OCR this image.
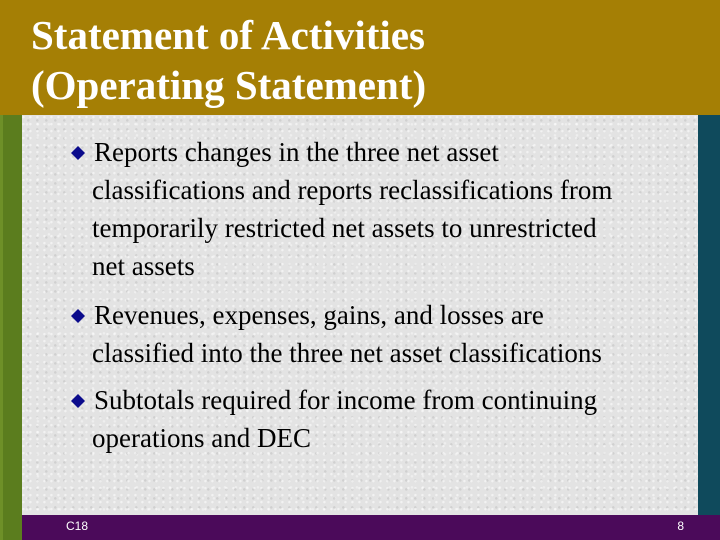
Statement of Activities
(Operating Statement)
Reports changes in the three net asset
classifications and reports reclassifications from
temporarily restricted net assets to unrestricted
net assets
Revenues, expenses, gains, and losses are
classified into the three net asset classifications
Subtotals required for income from continuing
operations and DEC
C18	8
